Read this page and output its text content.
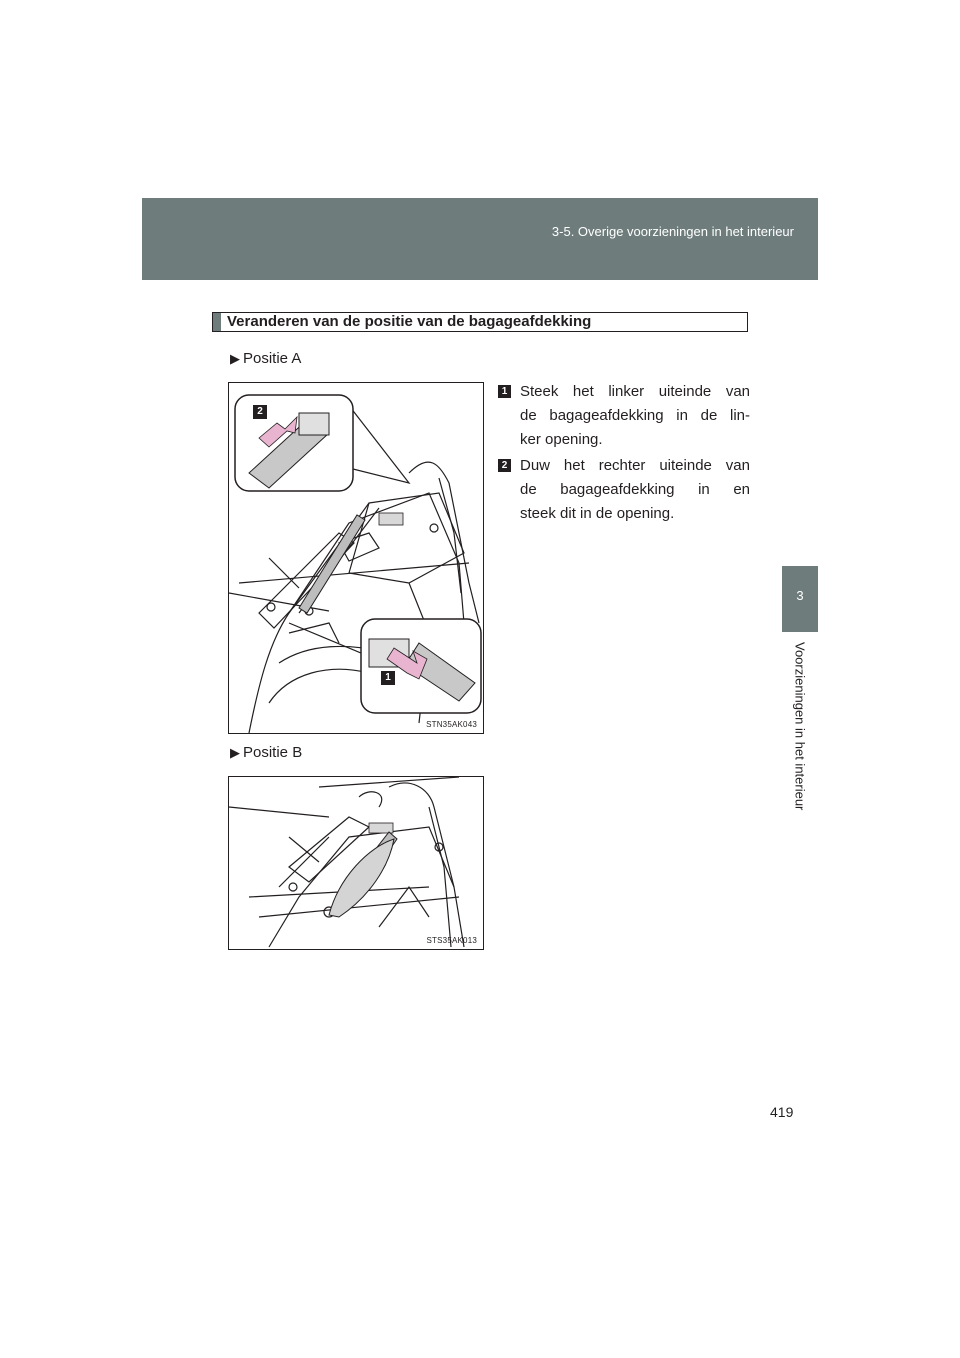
3-5. Overige voorzieningen in het interieur
3
Voorzieningen in het interieur
Veranderen van de positie van de bagageafdekking
▶ Positie A
2
1
STN35AK043
1 Steek het linker uiteinde van
de bagageafdekking in de lin-
ker opening.
2 Duw het rechter uiteinde van
de bagageafdekking in en
steek dit in de opening.
▶ Positie B
STS35AK013
419
